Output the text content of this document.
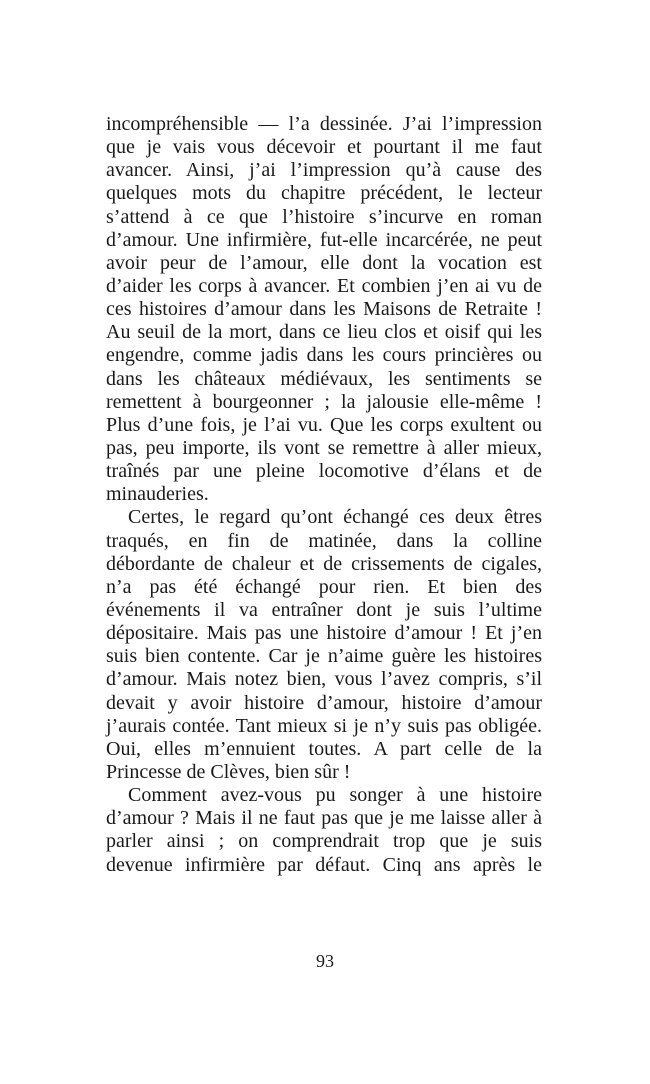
incompréhensible — l’a dessinée. J’ai l’impression
que je vais vous décevoir et pourtant il me faut
avancer. Ainsi, j’ai l’impression qu’à cause des
quelques mots du chapitre précédent, le lecteur
s’attend à ce que l’histoire s’incurve en roman
d’amour. Une infirmière, fut-elle incarcérée, ne peut
avoir peur de l’amour, elle dont la vocation est
d’aider les corps à avancer. Et combien j’en ai vu de
ces histoires d’amour dans les Maisons de Retraite !
Au seuil de la mort, dans ce lieu clos et oisif qui les
engendre, comme jadis dans les cours princières ou
dans les châteaux médiévaux, les sentiments se
remettent à bourgeonner ; la jalousie elle-même !
Plus d’une fois, je l’ai vu. Que les corps exultent ou
pas, peu importe, ils vont se remettre à aller mieux,
traînés par une pleine locomotive d’élans et de
minauderies.

Certes, le regard qu’ont échangé ces deux êtres
traqués, en fin de matinée, dans la colline
débordante de chaleur et de crissements de cigales,
n’a pas été échangé pour rien. Et bien des
événements il va entraîner dont je suis l’ultime
dépositaire. Mais pas une histoire d’amour ! Et j’en
suis bien contente. Car je n’aime guère les histoires
d’amour. Mais notez bien, vous l’avez compris, s’il
devait y avoir histoire d’amour, histoire d’amour
j’aurais contée. Tant mieux si je n’y suis pas obligée.
Oui, elles m’ennuient toutes. A part celle de la
Princesse de Clèves, bien sûr !

Comment avez-vous pu songer à une histoire
d’amour ? Mais il ne faut pas que je me laisse aller à
parler ainsi ; on comprendrait trop que je suis
devenue infirmière par défaut. Cinq ans après le

93
